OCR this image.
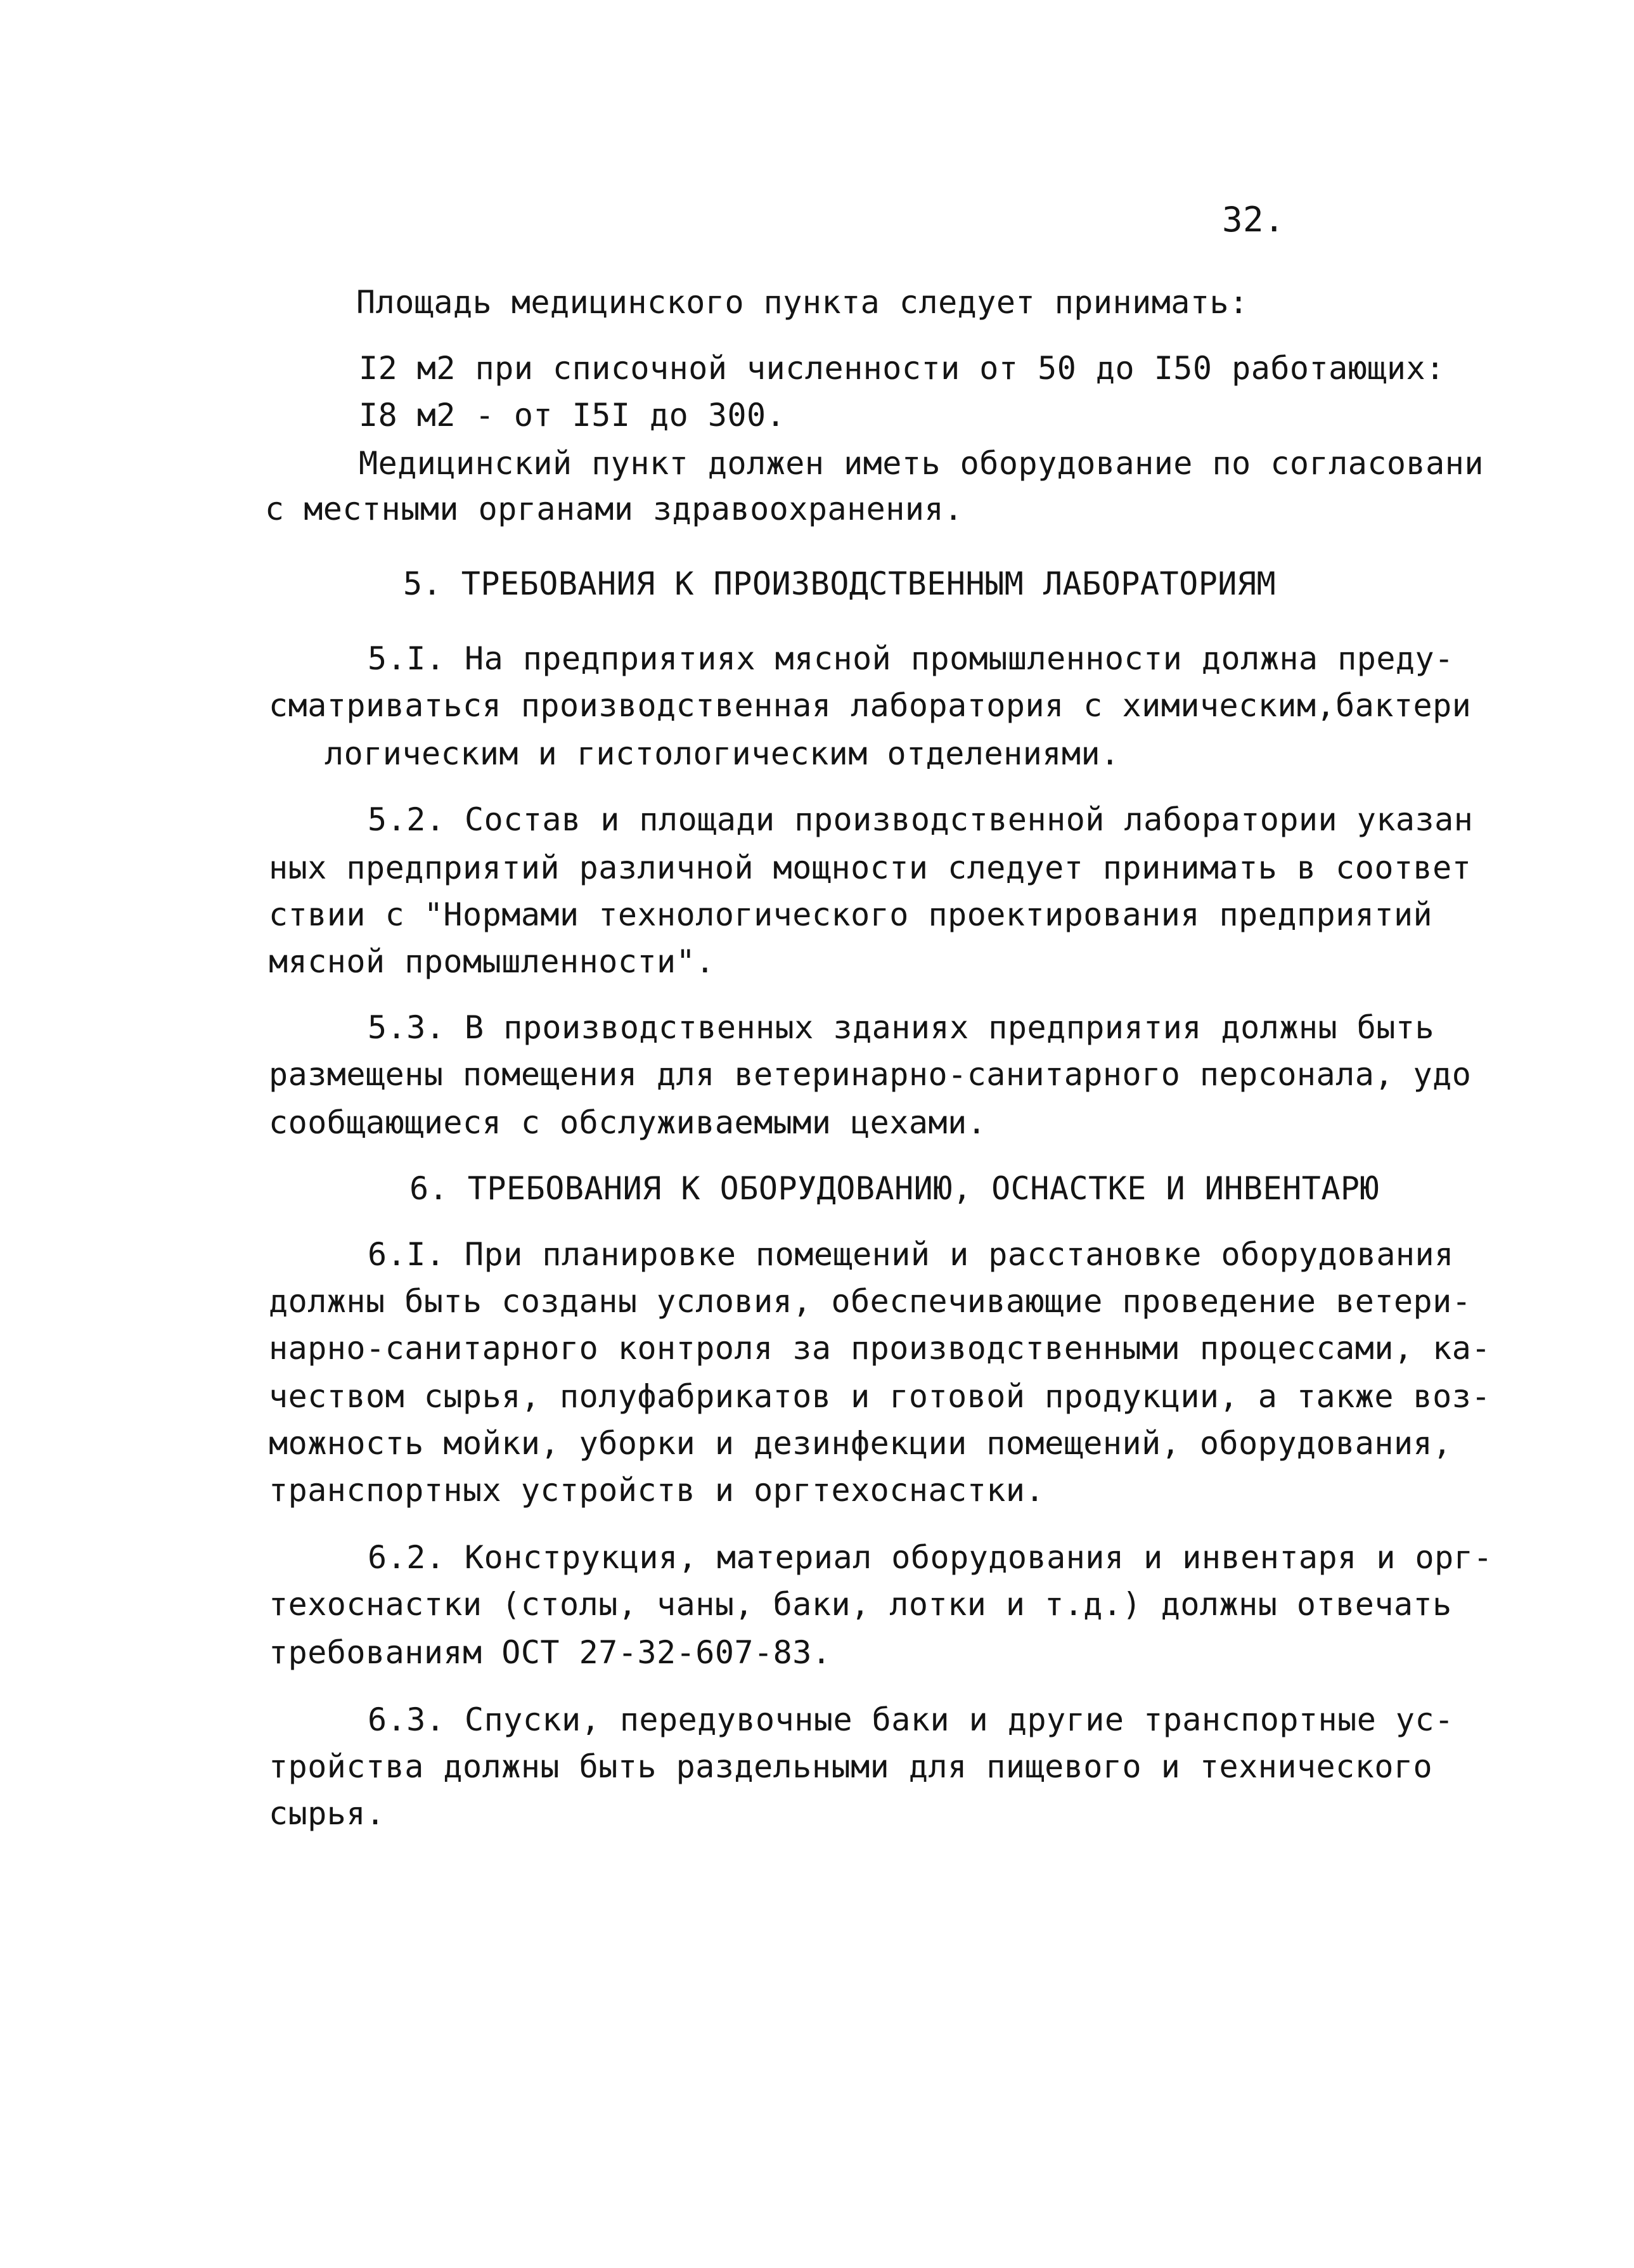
32.
Площадь медицинского пункта следует принимать:
I2 м2 при списочной численности от 50 до I50 работающих:
I8 м2 - от I5I до 300.
Медицинский пункт должен иметь оборудование по согласовани
с местными органами здравоохранения.
5. ТРЕБОВАНИЯ К ПРОИЗВОДСТВЕННЫМ ЛАБОРАТОРИЯМ
5.I. На предприятиях мясной промышленности должна преду-
сматриваться производственная лаборатория с химическим,бактери
логическим и гистологическим отделениями.
5.2. Состав и площади производственной лаборатории указан
ных предприятий различной мощности следует принимать в соответ
ствии с "Нормами технологического проектирования предприятий
мясной промышленности".
5.3. В производственных зданиях предприятия должны быть
размещены помещения для ветеринарно-санитарного персонала, удо
сообщающиеся с обслуживаемыми цехами.
6. ТРЕБОВАНИЯ К ОБОРУДОВАНИЮ, ОСНАСТКЕ И ИНВЕНТАРЮ
6.I. При планировке помещений и расстановке оборудования
должны быть созданы условия, обеспечивающие проведение ветери-
нарно-санитарного контроля за производственными процессами, ка-
чеством сырья, полуфабрикатов и готовой продукции, а также воз-
можность мойки, уборки и дезинфекции помещений, оборудования,
транспортных устройств и оргтехоснастки.
6.2. Конструкция, материал оборудования и инвентаря и орг-
техоснастки (столы, чаны, баки, лотки и т.д.) должны отвечать
требованиям ОСТ 27-32-607-83.
6.3. Спуски, передувочные баки и другие транспортные ус-
тройства должны быть раздельными для пищевого и технического
сырья.
